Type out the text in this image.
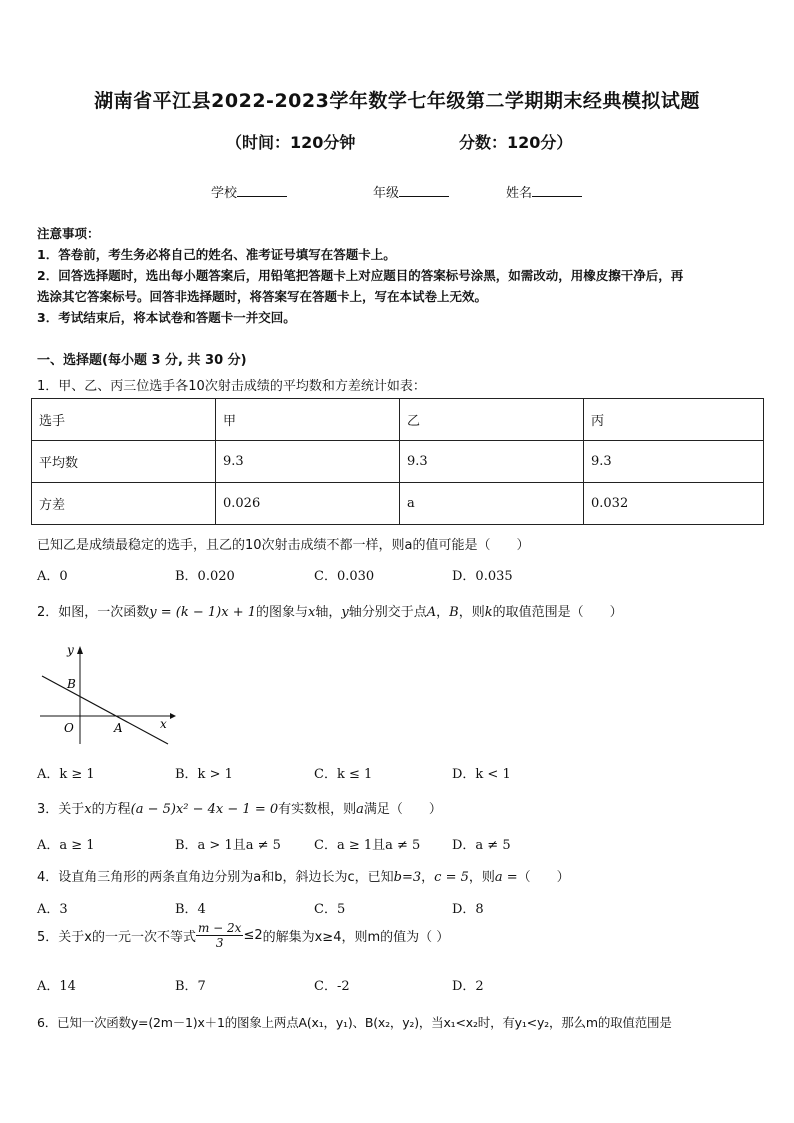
湖南省平江县2022-2023学年数学七年级第二学期期末经典模拟试题
（时间：120分钟	分数：120分）
学校	年级	姓名
注意事项：
1．答卷前，考生务必将自己的姓名、准考证号填写在答题卡上。
2．回答选择题时，选出每小题答案后，用铅笔把答题卡上对应题目的答案标号涂黑，如需改动，用橡皮擦干净后，再
选涂其它答案标号。回答非选择题时，将答案写在答题卡上，写在本试卷上无效。
3．考试结束后，将本试卷和答题卡一并交回。
一、选择题(每小题 3 分, 共 30 分)
1．甲、乙、丙三位选手各10次射击成绩的平均数和方差统计如表：
选手	甲	乙	丙
平均数	9.3	9.3	9.3
方差	0.026	a	0.032
已知乙是成绩最稳定的选手，且乙的10次射击成绩不都一样，则a的值可能是（　　）
A．0	B．0.020	C．0.030	D．0.035
2．如图，一次函数y = (k − 1)x + 1的图象与x轴，y轴分别交于点A，B，则k的取值范围是（　　）
y
x
O	A
B
A．k ≥ 1	B．k > 1	C．k ≤ 1	D．k < 1
3．关于x的方程(a − 5)x² − 4x − 1 = 0有实数根，则a满足（　　）
A．a ≥ 1	B．a > 1且a ≠ 5	C．a ≥ 1且a ≠ 5 D．a ≠ 5
4．设直角三角形的两条直角边分别为a和b，斜边长为c，已知b=3，c = 5，则a =（　　）
A．3	B．4	C．5	D．8
5．关于x的一元一次不等式 $\frac{m - 2x}{3} \le 2$的解集为x≥4，则m的值为（ ）
A．14	B．7	C．-2	D．2
6．已知一次函数y=(2m－1)x＋1的图象上两点A(x₁，y₁)、B(x₂，y₂)，当x₁<x₂时，有y₁<y₂，那么m的取值范围是
